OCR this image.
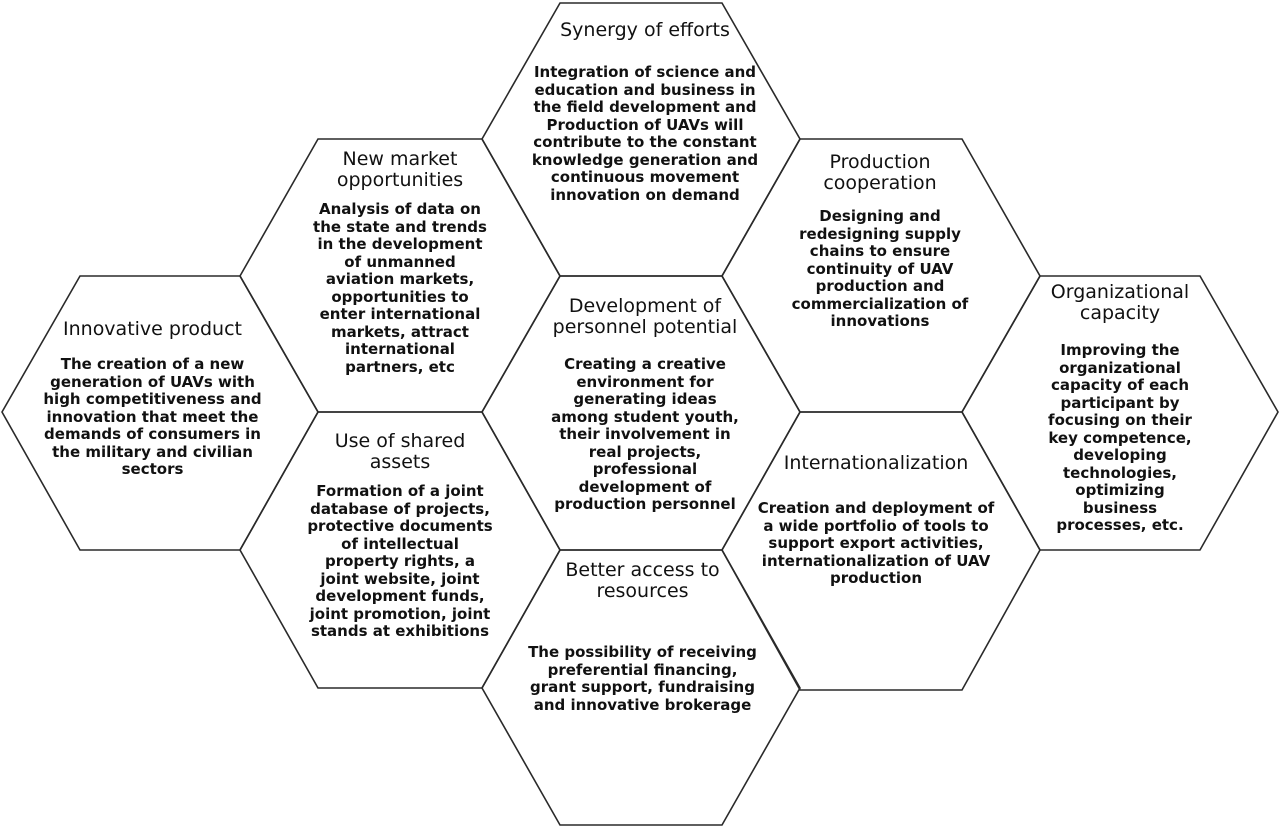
Synergy of efforts
Integration of science and education and business in the field development and Production of UAVs will contribute to the constant knowledge generation and continuous movement innovation on demand
New market opportunities
Analysis of data on the state and trends in the development of unmanned aviation markets, opportunities to enter international markets, attract international partners, etc
Production cooperation
Designing and redesigning supply chains to ensure continuity of UAV production and commercialization of innovations
Innovative product
The creation of a new generation of UAVs with high competitiveness and innovation that meet the demands of consumers in the military and civilian sectors
Development of personnel potential
Creating a creative environment for generating ideas among student youth, their involvement in real projects, professional development of production personnel
Organizational capacity
Improving the organizational capacity of each participant by focusing on their key competence, developing technologies, optimizing business processes, etc.
Use of shared assets
Formation of a joint database of projects, protective documents of intellectual property rights, a joint website, joint development funds, joint promotion, joint stands at exhibitions
Internationalization
Creation and deployment of a wide portfolio of tools to support export activities, internationalization of UAV production
Better access to resources
The possibility of receiving preferential financing, grant support, fundraising and innovative brokerage
